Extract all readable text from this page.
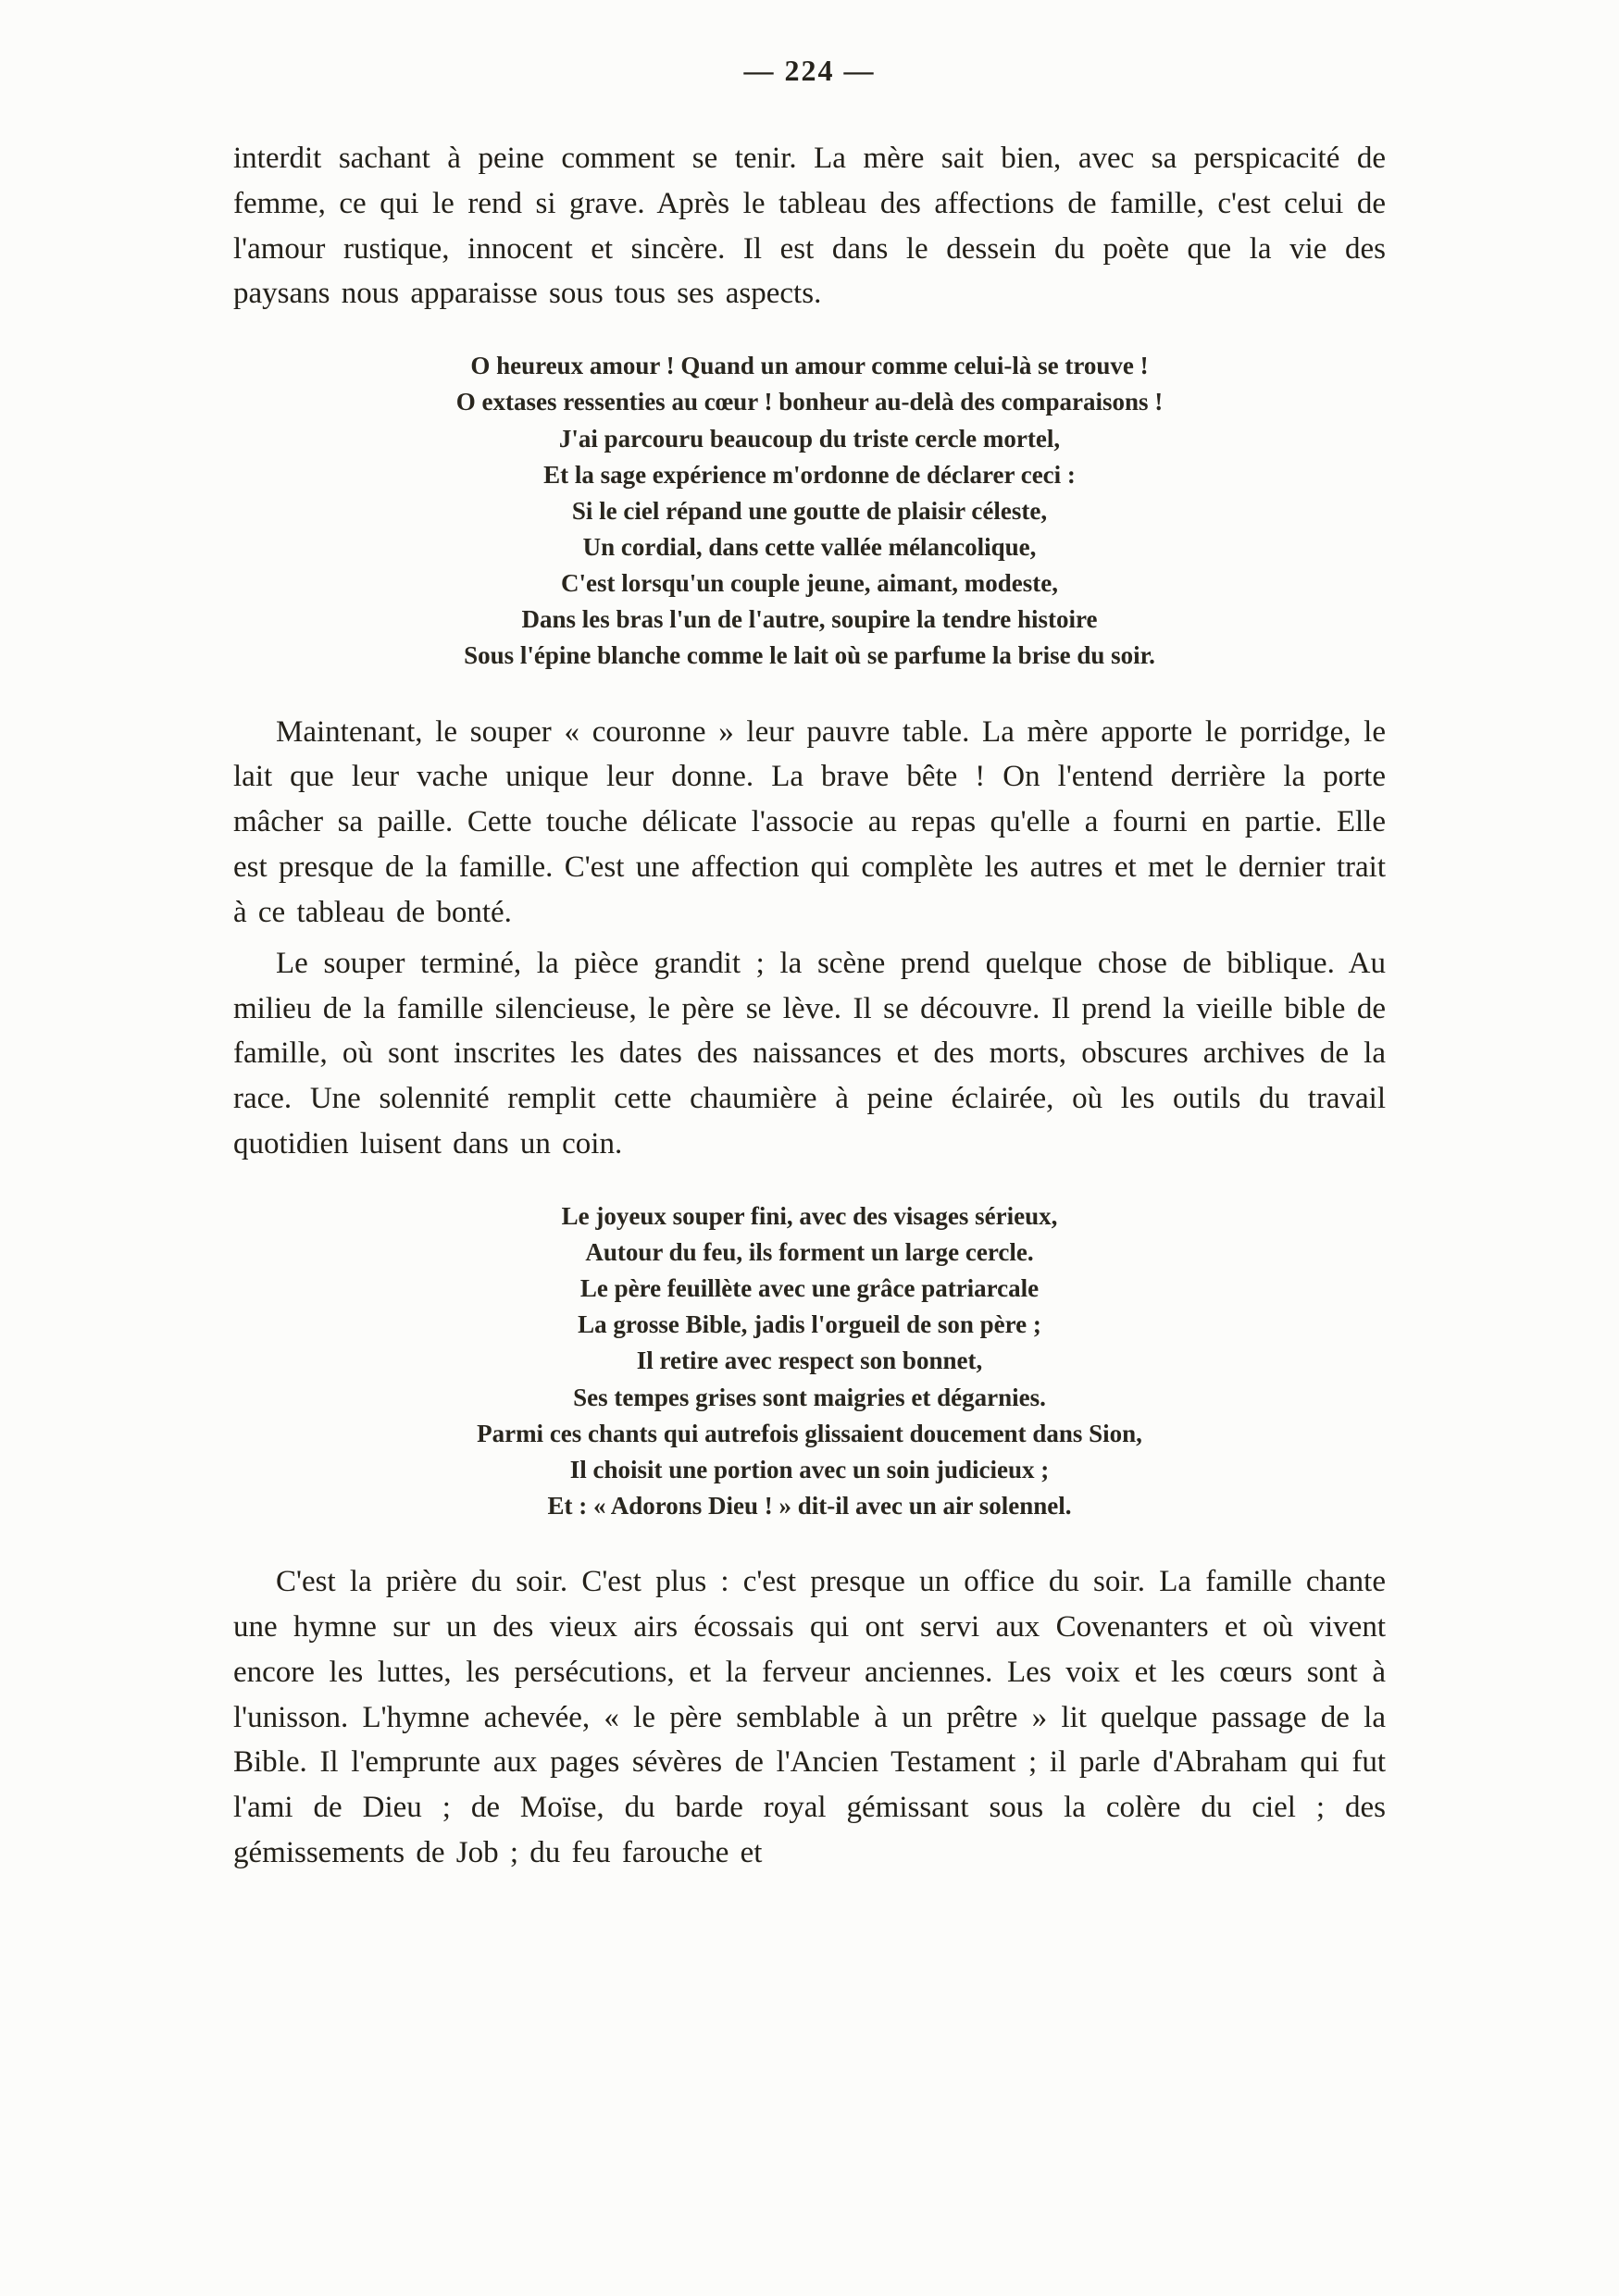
— 224 —

interdit sachant à peine comment se tenir. La mère sait bien, avec sa perspicacité de femme, ce qui le rend si grave. Après le tableau des affections de famille, c'est celui de l'amour rustique, innocent et sincère. Il est dans le dessein du poète que la vie des paysans nous apparaisse sous tous ses aspects.

O heureux amour ! Quand un amour comme celui-là se trouve !
O extases ressenties au cœur ! bonheur au-delà des comparaisons !
J'ai parcouru beaucoup du triste cercle mortel,
Et la sage expérience m'ordonne de déclarer ceci :
Si le ciel répand une goutte de plaisir céleste,
Un cordial, dans cette vallée mélancolique,
C'est lorsqu'un couple jeune, aimant, modeste,
Dans les bras l'un de l'autre, soupire la tendre histoire
Sous l'épine blanche comme le lait où se parfume la brise du soir.

Maintenant, le souper « couronne » leur pauvre table. La mère apporte le porridge, le lait que leur vache unique leur donne. La brave bête ! On l'entend derrière la porte mâcher sa paille. Cette touche délicate l'associe au repas qu'elle a fourni en partie. Elle est presque de la famille. C'est une affection qui complète les autres et met le dernier trait à ce tableau de bonté.

Le souper terminé, la pièce grandit ; la scène prend quelque chose de biblique. Au milieu de la famille silencieuse, le père se lève. Il se découvre. Il prend la vieille bible de famille, où sont inscrites les dates des naissances et des morts, obscures archives de la race. Une solennité remplit cette chaumière à peine éclairée, où les outils du travail quotidien luisent dans un coin.

Le joyeux souper fini, avec des visages sérieux,
Autour du feu, ils forment un large cercle.
Le père feuillète avec une grâce patriarcale
La grosse Bible, jadis l'orgueil de son père ;
Il retire avec respect son bonnet,
Ses tempes grises sont maigries et dégarnies.
Parmi ces chants qui autrefois glissaient doucement dans Sion,
Il choisit une portion avec un soin judicieux ;
Et : « Adorons Dieu ! » dit-il avec un air solennel.

C'est la prière du soir. C'est plus : c'est presque un office du soir. La famille chante une hymne sur un des vieux airs écossais qui ont servi aux Covenanters et où vivent encore les luttes, les persécutions, et la ferveur anciennes. Les voix et les cœurs sont à l'unisson. L'hymne achevée, « le père semblable à un prêtre » lit quelque passage de la Bible. Il l'emprunte aux pages sévères de l'Ancien Testament ; il parle d'Abraham qui fut l'ami de Dieu ; de Moïse, du barde royal gémissant sous la colère du ciel ; des gémissements de Job ; du feu farouche et
